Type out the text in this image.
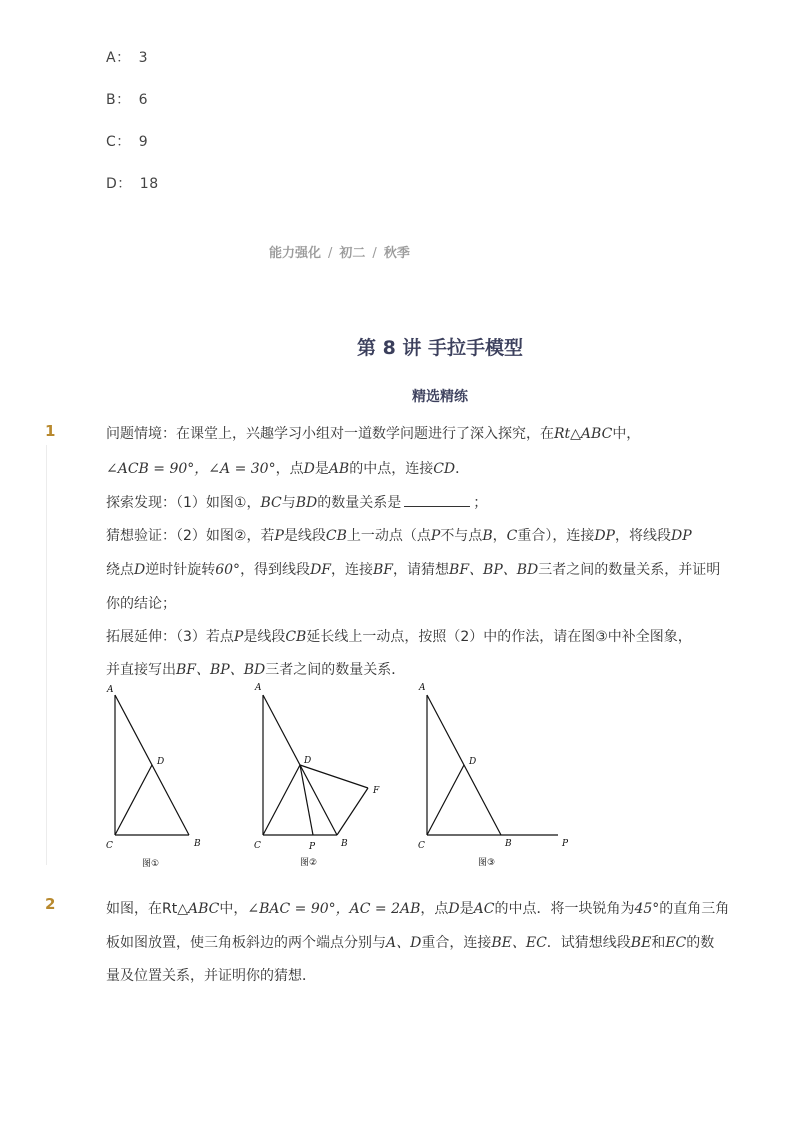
A： 3
B： 6
C： 9
D： 18
能力强化 / 初二 / 秋季
第 8 讲 手拉手模型
精选精练
1	问题情境：在课堂上，兴趣学习小组对一道数学问题进行了深入探究，在Rt△ABC中，
∠ACB = 90°，∠A = 30°，点D是AB的中点，连接CD．
探索发现：（1）如图①，BC与BD的数量关系是	；
猜想验证：（2）如图②，若P是线段CB上一动点（点P不与点B，C重合），连接DP，将线段DP
绕点D逆时针旋转60°，得到线段DF，连接BF，请猜想BF、BP、BD三者之间的数量关系，并证明
你的结论；
拓展延伸：（3）若点P是线段CB延长线上一动点，按照（2）中的作法，请在图③中补全图象，
并直接写出BF、BP、BD三者之间的数量关系．
A
D
C	B
图①
A
D
F
C	P	B
图②
A
D
C	B	P
图③
2	如图，在Rt△ABC中，∠BAC = 90°，AC = 2AB，点D是AC的中点．将一块锐角为45°的直角三角
板如图放置，使三角板斜边的两个端点分别与A、D重合，连接BE、EC．试猜想线段BE和EC的数
量及位置关系，并证明你的猜想．
